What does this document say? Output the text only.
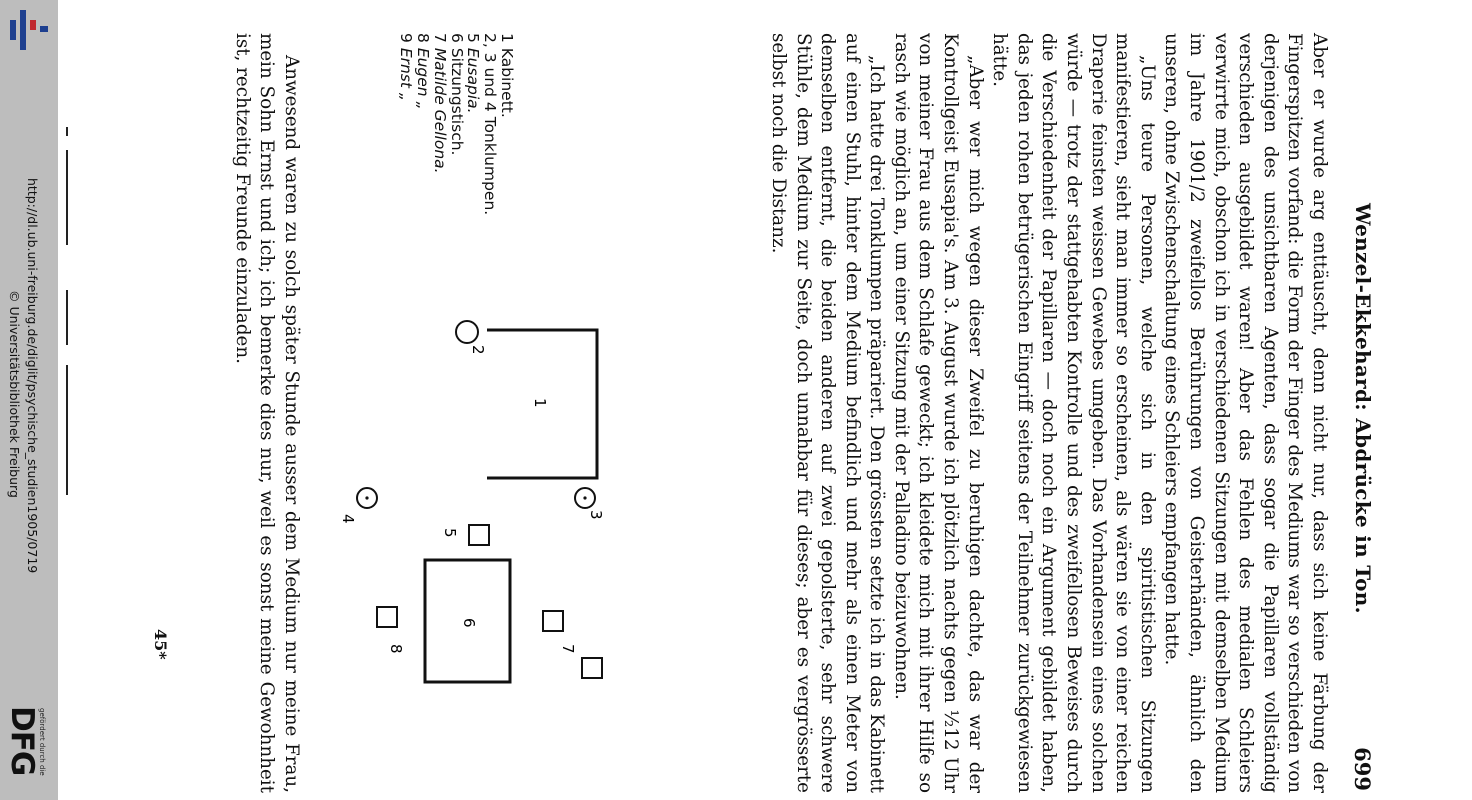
http://dl.ub.uni-freiburg.de/diglit/psychische_studien1905/0719
© Universitätsbibliothek Freiburg
gefördert durch die
DFG
Wenzel-Ekkehard: Abdrücke in Ton.
699

Aber er wurde arg enttäuscht, denn nicht nur, dass sich keine Färbung der Fingerspitzen vorfand: die Form der Finger des Mediums war so verschieden von derjenigen des unsichtbaren Agenten, dass sogar die Papillaren vollständig verschieden ausgebildet waren! Aber das Fehlen des medialen Schleiers verwirrte mich, obschon ich in verschiedenen Sitzungen mit demselben Medium im Jahre 1901/2 zweifellos Berührungen von Geisterhänden, ähnlich den unseren, ohne Zwischenschaltung eines Schleiers empfangen hatte.

„Uns teure Personen, welche sich in den spiritistischen Sitzungen manifestieren, sieht man immer so erscheinen, als wären sie von einer reichen Draperie feinsten weissen Gewebes umgeben. Das Vorhandensein eines solchen würde — trotz der stattgehabten Kontrolle und des zweifellosen Beweises durch die Verschiedenheit der Papillaren — doch noch ein Argument gebildet haben, das jeden rohen betrügerischen Eingriff seitens der Teilnehmer zurückgewiesen hätte.

„Aber wer mich wegen dieser Zweifel zu beruhigen dachte, das war der Kontrollgeist Eusapia's. Am 3. August wurde ich plötzlich nachts gegen ½12 Uhr von meiner Frau aus dem Schlafe geweckt; ich kleidete mich mit ihrer Hilfe so rasch wie möglich an, um einer Sitzung mit der Palladino beizuwohnen.

„Ich hatte drei Tonklumpen präpariert. Den grössten setzte ich in das Kabinett auf einen Stuhl, hinter dem Medium befindlich und mehr als einen Meter von demselben entfernt, die beiden anderen auf zwei gepolsterte, sehr schwere Stühle, dem Medium zur Seite, doch unnahbar für dieses; aber es vergrösserte selbst noch die Distanz.

1 Kabinett.
2, 3 und 4 Tonklumpen.
5 Eusapia.
6 Sitzungstisch.
7 Matilde Gellona.
8 Eugen „
9 Ernst „
1
2
3
4
5
6
7
8

Anwesend waren zu solch später Stunde ausser dem Medium nur meine Frau, mein Sohn Ernst und ich; ich bemerke dies nur, weil es sonst meine Gewohnheit ist, rechtzeitig Freunde einzuladen.

45*
